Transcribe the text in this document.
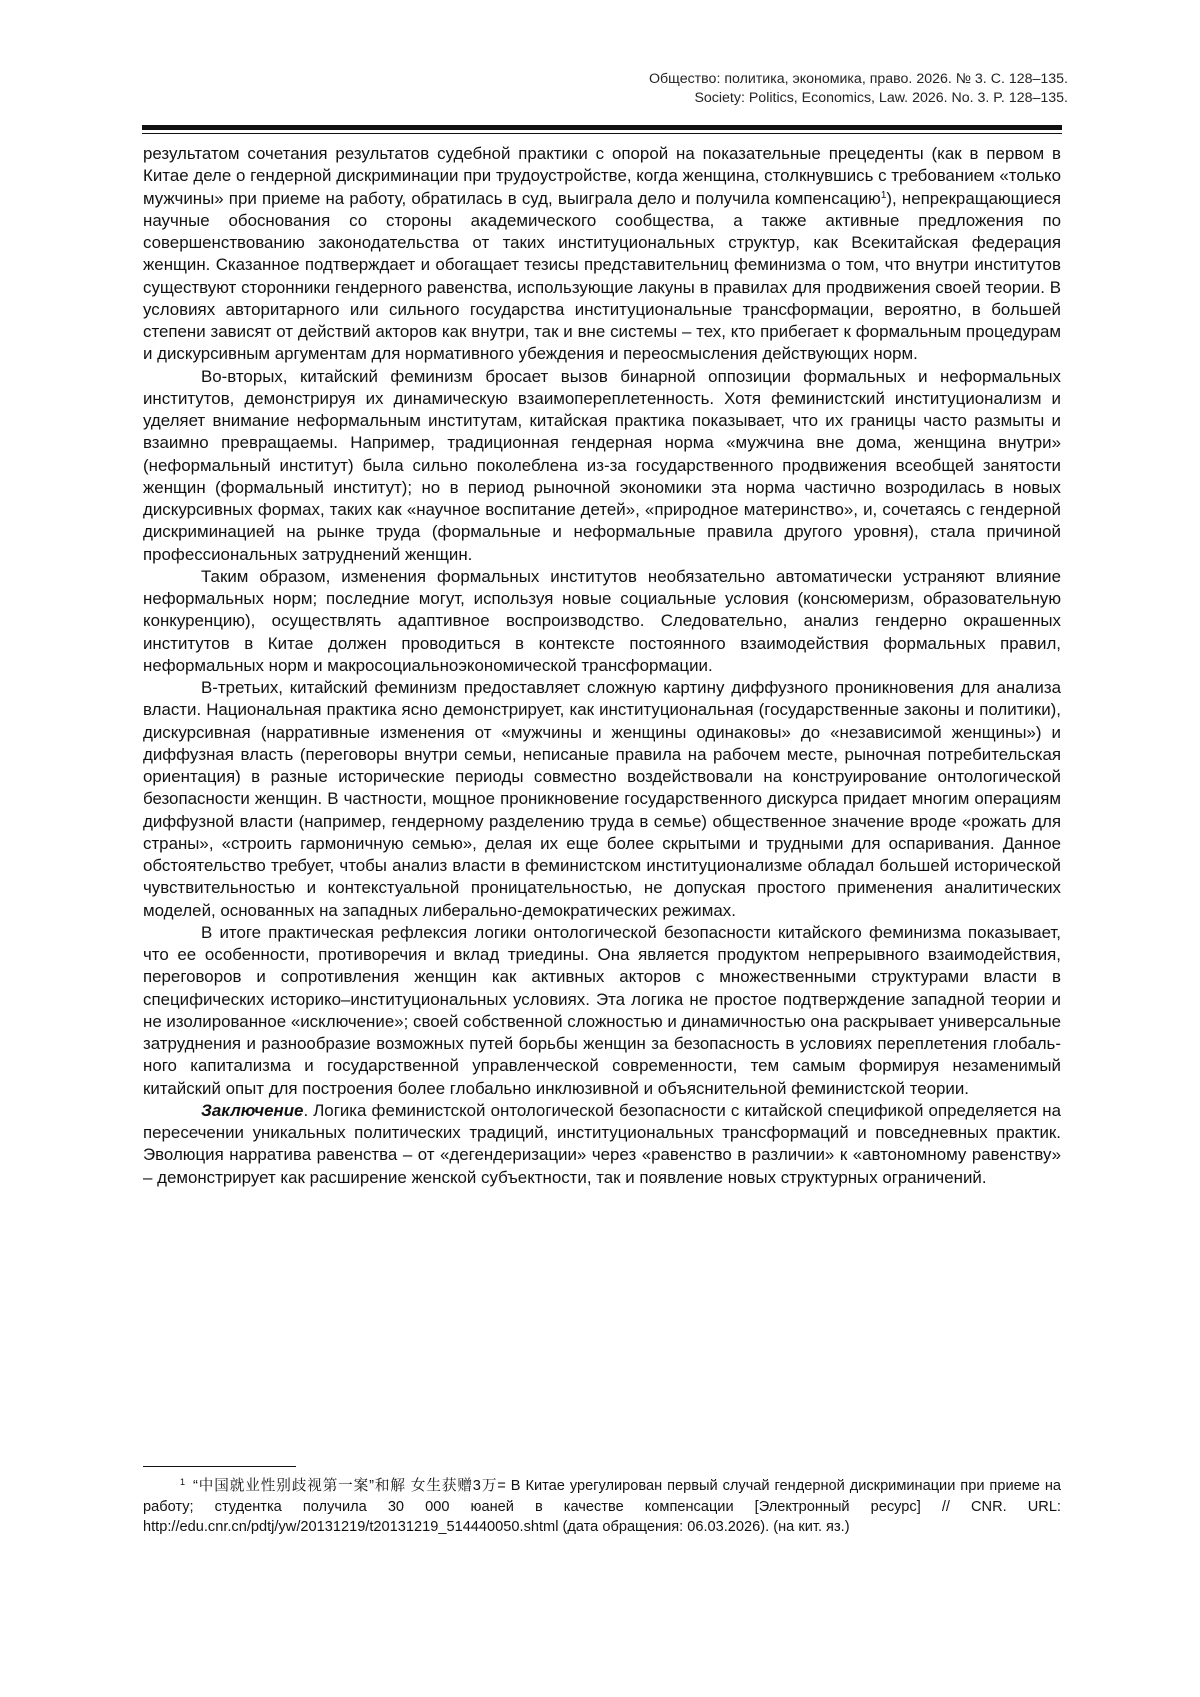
Общество: политика, экономика, право. 2026. № 3. С. 128–135.
Society: Politics, Economics, Law. 2026. No. 3. P. 128–135.

результатом сочетания результатов судебной практики с опорой на показательные прецеденты (как в первом в Китае деле о гендерной дискриминации при трудоустройстве, когда женщина, столкнувшись с требованием «только мужчины» при приеме на работу, обратилась в суд, выиграла дело и получила компенсацию$^1$), непрекращающиеся научные обоснования со стороны академического сообщества, а также активные предложения по совершенствованию законодательства от таких институциональных структур, как Всекитайская федерация женщин. Сказанное подтверждает и обогащает тезисы представительниц феминизма о том, что внутри институтов существуют сторонники гендерного равенства, использующие лакуны в правилах для продвижения своей теории. В условиях авторитарного или сильного государства институциональные трансформации, вероятно, в большей степени зависят от действий акторов как внутри, так и вне системы – тех, кто прибегает к формальным процедурам и дискурсивным аргументам для нормативного убеждения и переосмысления действующих норм.

Во-вторых, китайский феминизм бросает вызов бинарной оппозиции формальных и неформальных институтов, демонстрируя их динамическую взаимопереплетенность. Хотя феминистский институционализм и уделяет внимание неформальным институтам, китайская практика показывает, что их границы часто размыты и взаимно превращаемы. Например, традиционная гендерная норма «мужчина вне дома, женщина внутри» (неформальный институт) была сильно поколеблена из-за государственного продвижения всеобщей занятости женщин (формальный институт); но в период рыночной экономики эта норма частично возродилась в новых дискурсивных формах, таких как «научное воспитание детей», «природное материнство», и, сочетаясь с гендерной дискриминацией на рынке труда (формальные и неформальные правила другого уровня), стала причиной профессиональных затруднений женщин.

Таким образом, изменения формальных институтов необязательно автоматически устраняют влияние неформальных норм; последние могут, используя новые социальные условия (консюмеризм, образовательную конкуренцию), осуществлять адаптивное воспроизводство. Следовательно, анализ гендерно окрашенных институтов в Китае должен проводиться в контексте постоянного взаимодействия формальных правил, неформальных норм и макросоциальноэкономической трансформации.

В-третьих, китайский феминизм предоставляет сложную картину диффузного проникновения для анализа власти. Национальная практика ясно демонстрирует, как институциональная (государственные законы и политики), дискурсивная (нарративные изменения от «мужчины и женщины одинаковы» до «независимой женщины») и диффузная власть (переговоры внутри семьи, неписаные правила на рабочем месте, рыночная потребительская ориентация) в разные исторические периоды совместно воздействовали на конструирование онтологической безопасности женщин. В частности, мощное проникновение государственного дискурса придает многим операциям диффузной власти (например, гендерному разделению труда в семье) общественное значение вроде «рожать для страны», «строить гармоничную семью», делая их еще более скрытыми и трудными для оспаривания. Данное обстоятельство требует, чтобы анализ власти в феминистском институционализме обладал большей исторической чувствительностью и контекстуальной проницательностью, не допуская простого применения аналитических моделей, основанных на западных либерально-демократических режимах.

В итоге практическая рефлексия логики онтологической безопасности китайского феминизма показывает, что ее особенности, противоречия и вклад триедины. Она является продуктом непрерывного взаимодействия, переговоров и сопротивления женщин как активных акторов с множественными структурами власти в специфических историко–институциональных условиях. Эта логика не простое подтверждение западной теории и не изолированное «исключение»; своей собственной сложностью и динамичностью она раскрывает универсальные затруднения и разнообразие возможных путей борьбы женщин за безопасность в условиях переплетения глобального капитализма и государственной управленческой современности, тем самым формируя незаменимый китайский опыт для построения более глобально инклюзивной и объяснительной феминистской теории.

Заключение. Логика феминистской онтологической безопасности с китайской спецификой определяется на пересечении уникальных политических традиций, институциональных трансформаций и повседневных практик. Эволюция нарратива равенства – от «дегендеризации» через «равенство в различии» к «автономному равенству» – демонстрирует как расширение женской субъектности, так и появление новых структурных ограничений.

$^1$ “中国就业性别歧视第一案”和解 女生获赠3万= В Китае урегулирован первый случай гендерной дискриминации при приеме на работу; студентка получила 30 000 юаней в качестве компенсации [Электронный ресурс] // CNR. URL: http://edu.cnr.cn/pdtj/yw/20131219/t20131219_514440050.shtml (дата обращения: 06.03.2026). (на кит. яз.)
